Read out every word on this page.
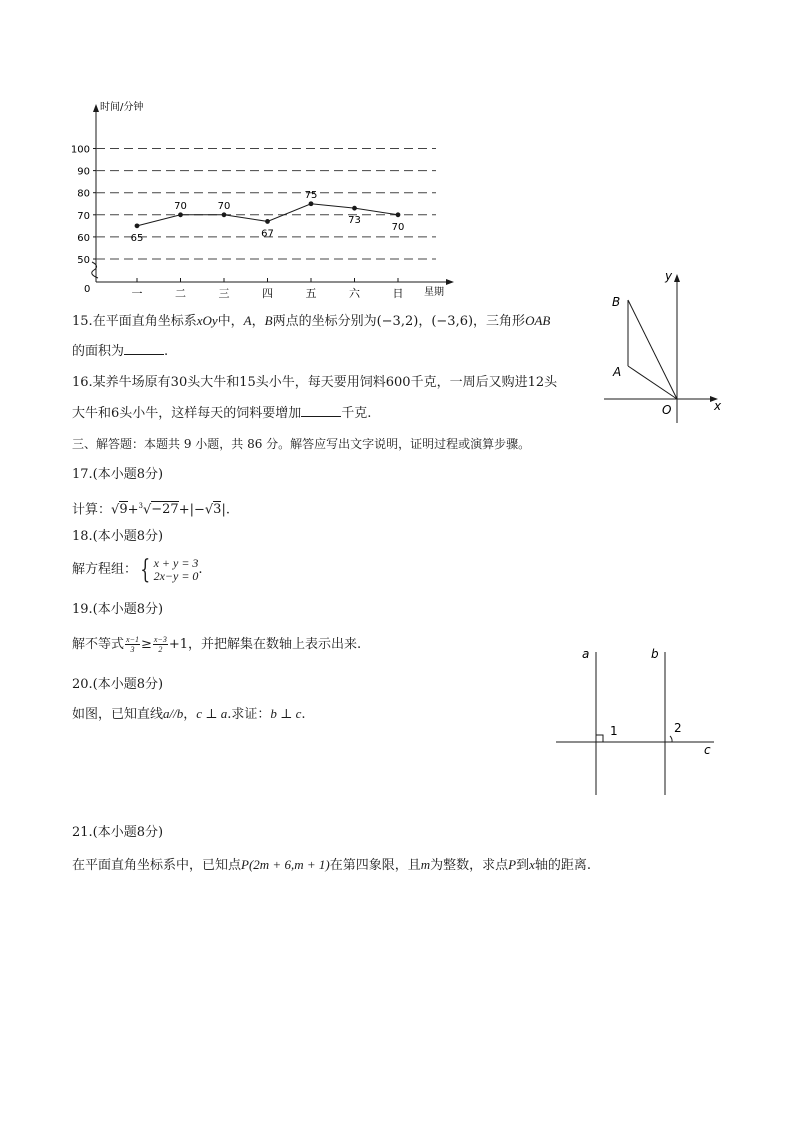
时间/分钟
星期
0
50
60
70
80
90
100
一	二	三	四	五	六	日
65
70	70
67
75
73
70
15.在平面直角坐标系xOy中，A，B两点的坐标分别为(−3,2)，(−3,6)，三角形OAB
的面积为	.
y
x
O
A
B
16.某养牛场原有30头大牛和15头小牛，每天要用饲料600千克，一周后又购进12头
大牛和6头小牛，这样每天的饲料要增加	千克.
三、解答题：本题共 9 小题，共 86 分。解答应写出文字说明，证明过程或演算步骤。
17.(本小题8分)
计算：√9+$^3$√−27+|−√3|.
18.(本小题8分)
解方程组： { x + y = 3
2x−y = 0 .
19.(本小题8分)
解不等式 $\frac{x-1}{3} \ge \frac{x-3}{2} +1$，并把解集在数轴上表示出来.
20.(本小题8分)
如图，已知直线a//b，c ⊥ a.求证：b ⊥ c.
a	b
c
1	2
21.(本小题8分)
在平面直角坐标系中，已知点P(2m + 6,m + 1)在第四象限，且m为整数，求点P到x轴的距离.
